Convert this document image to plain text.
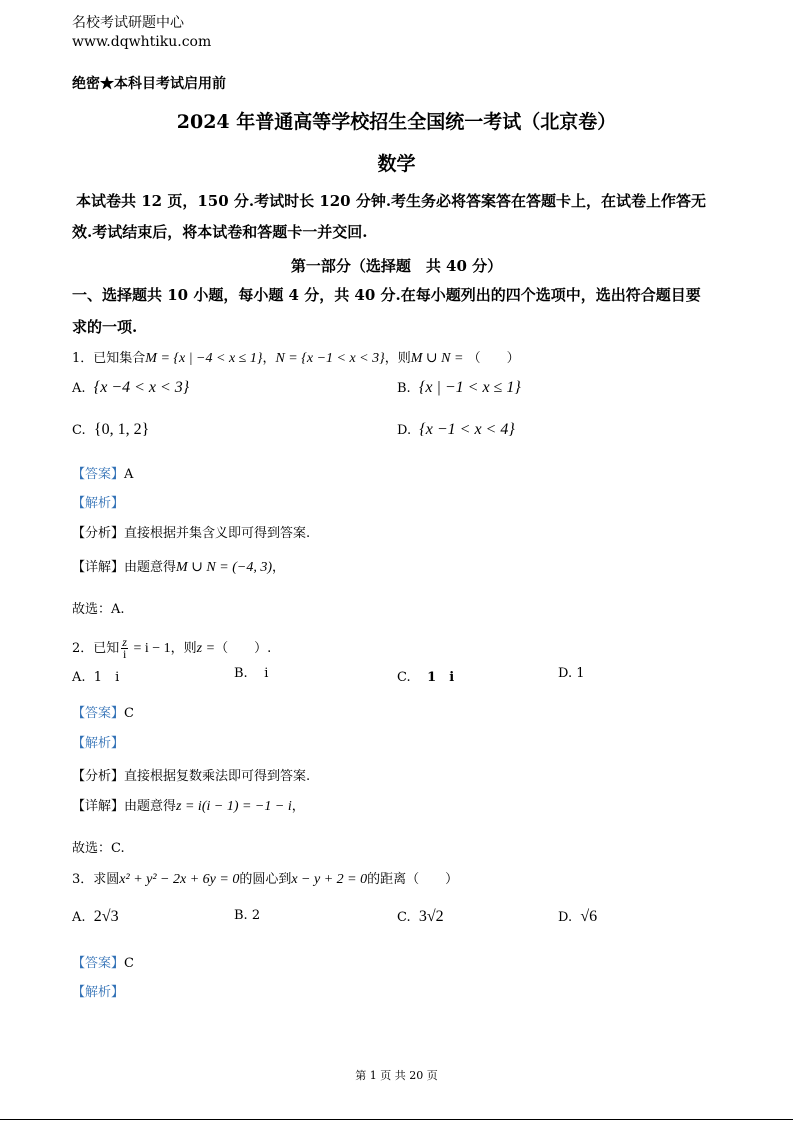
名校考试研题中心
www.dqwhtiku.com
绝密★本科目考试启用前
2024 年普通高等学校招生全国统一考试（北京卷）
数学
本试卷共 12 页，150 分.考试时长 120 分钟.考生务必将答案答在答题卡上，在试卷上作答无
效.考试结束后，将本试卷和答题卡一并交回.
第一部分（选择题　共 40 分）
一、选择题共 10 小题，每小题 4 分，共 40 分.在每小题列出的四个选项中，选出符合题目要
求的一项.
1．已知集合M = {x | −4 < x ≤ 1}，N = {x −1 < x < 3}，则M ∪ N = （　　）
A. {x −4 < x < 3}	B. {x | −1 < x ≤ 1}
C. {0, 1, 2}	D. {x −1 < x < 4}
【答案】A
【解析】
【分析】直接根据并集含义即可得到答案.
【详解】由题意得M ∪ N = (−4, 3)，
故选：A.
2．已知 $\frac{z}{i} = i - 1$，则z =（　　）.
A. 1　i	B. i	C. 1　i	D. 1
【答案】C
【解析】
【分析】直接根据复数乘法即可得到答案.
【详解】由题意得z = i(i − 1) = −1 − i，
故选：C.
3．求圆x² + y² − 2x + 6y = 0的圆心到x − y + 2 = 0的距离（　　）
A. 2√3	B. 2	C. 3√2	D. √6
【答案】C
【解析】
第 1 页 共 20 页
